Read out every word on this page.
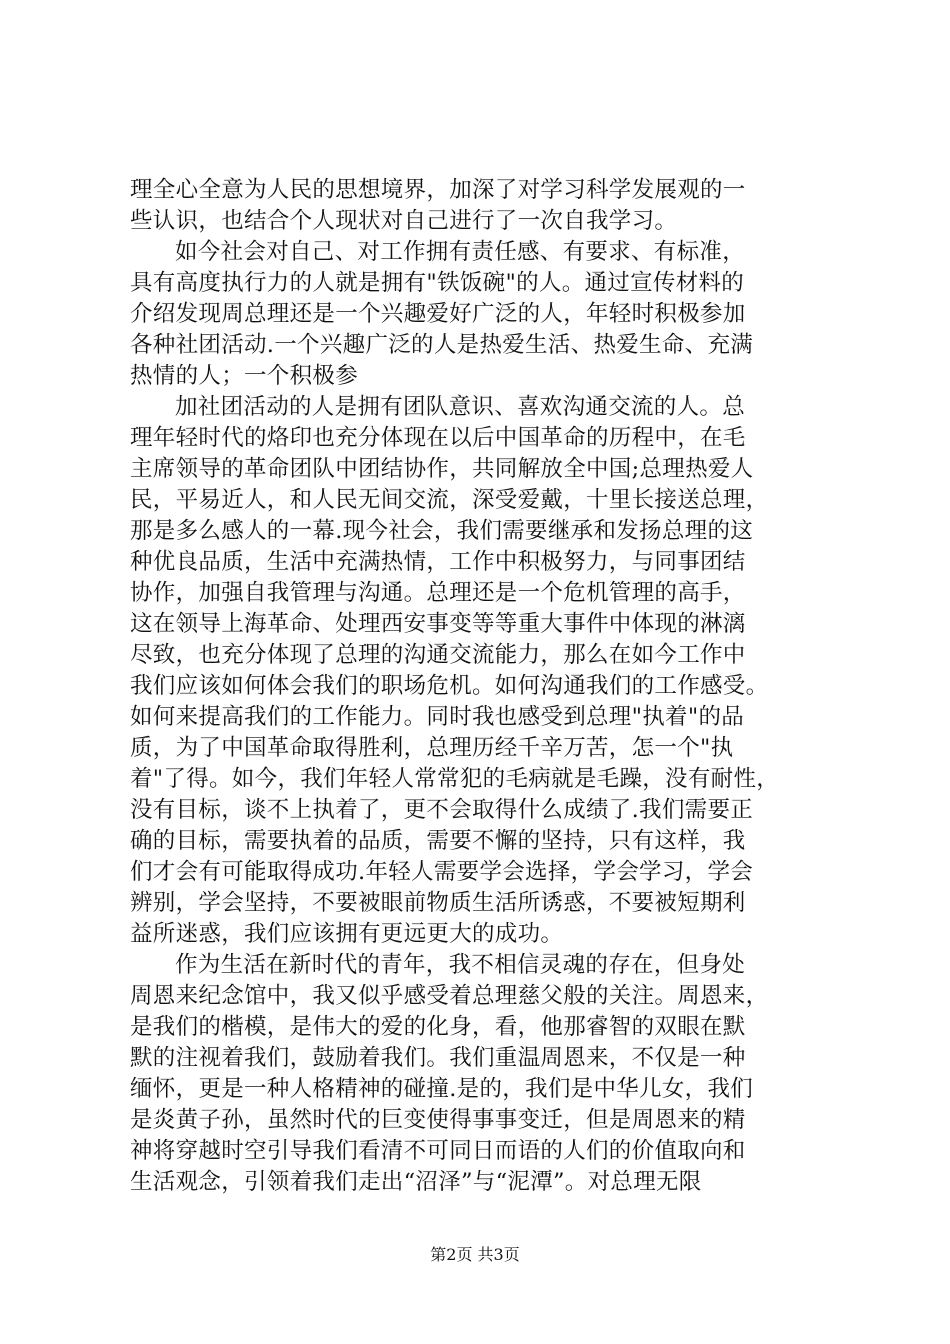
理全心全意为人民的思想境界，加深了对学习科学发展观的一
些认识，也结合个人现状对自己进行了一次自我学习。
如今社会对自己、对工作拥有责任感、有要求、有标准，
具有高度执行力的人就是拥有"铁饭碗"的人。通过宣传材料的
介绍发现周总理还是一个兴趣爱好广泛的人，年轻时积极参加
各种社团活动.一个兴趣广泛的人是热爱生活、热爱生命、充满
热情的人；一个积极参
加社团活动的人是拥有团队意识、喜欢沟通交流的人。总
理年轻时代的烙印也充分体现在以后中国革命的历程中，在毛
主席领导的革命团队中团结协作，共同解放全中国;总理热爱人
民，平易近人，和人民无间交流，深受爱戴，十里长接送总理，
那是多么感人的一幕.现今社会，我们需要继承和发扬总理的这
种优良品质，生活中充满热情，工作中积极努力，与同事团结
协作，加强自我管理与沟通。总理还是一个危机管理的高手，
这在领导上海革命、处理西安事变等等重大事件中体现的淋漓
尽致，也充分体现了总理的沟通交流能力，那么在如今工作中
我们应该如何体会我们的职场危机。如何沟通我们的工作感受。
如何来提高我们的工作能力。同时我也感受到总理"执着"的品
质，为了中国革命取得胜利，总理历经千辛万苦，怎一个"执
着"了得。如今，我们年轻人常常犯的毛病就是毛躁，没有耐性，
没有目标，谈不上执着了，更不会取得什么成绩了.我们需要正
确的目标，需要执着的品质，需要不懈的坚持，只有这样，我
们才会有可能取得成功.年轻人需要学会选择，学会学习，学会
辨别，学会坚持，不要被眼前物质生活所诱惑，不要被短期利
益所迷惑，我们应该拥有更远更大的成功。
作为生活在新时代的青年，我不相信灵魂的存在，但身处
周恩来纪念馆中，我又似乎感受着总理慈父般的关注。周恩来，
是我们的楷模，是伟大的爱的化身，看，他那睿智的双眼在默
默的注视着我们，鼓励着我们。我们重温周恩来，不仅是一种
缅怀，更是一种人格精神的碰撞.是的，我们是中华儿女，我们
是炎黄子孙，虽然时代的巨变使得事事变迁，但是周恩来的精
神将穿越时空引导我们看清不可同日而语的人们的价值取向和
生活观念，引领着我们走出“沼泽”与“泥潭”。对总理无限
第2页 共3页
